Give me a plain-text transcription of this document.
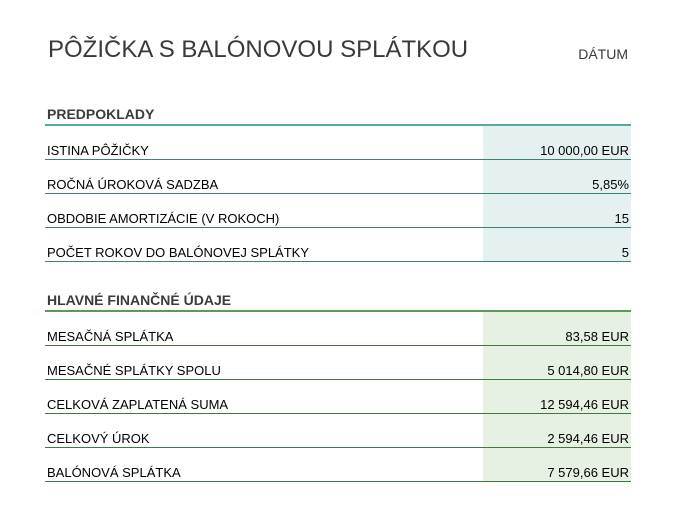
PÔŽIČKA S BALÓNOVOU SPLÁTKOU	DÁTUM
PREDPOKLADY
ISTINA PÔŽIČKY	10 000,00 EUR
ROČNÁ ÚROKOVÁ SADZBA	5,85%
OBDOBIE AMORTIZÁCIE (V ROKOCH)	15
POČET ROKOV DO BALÓNOVEJ SPLÁTKY	5
HLAVNÉ FINANČNÉ ÚDAJE
MESAČNÁ SPLÁTKA	83,58 EUR
MESAČNÉ SPLÁTKY SPOLU	5 014,80 EUR
CELKOVÁ ZAPLATENÁ SUMA	12 594,46 EUR
CELKOVÝ ÚROK	2 594,46 EUR
BALÓNOVÁ SPLÁTKA	7 579,66 EUR
